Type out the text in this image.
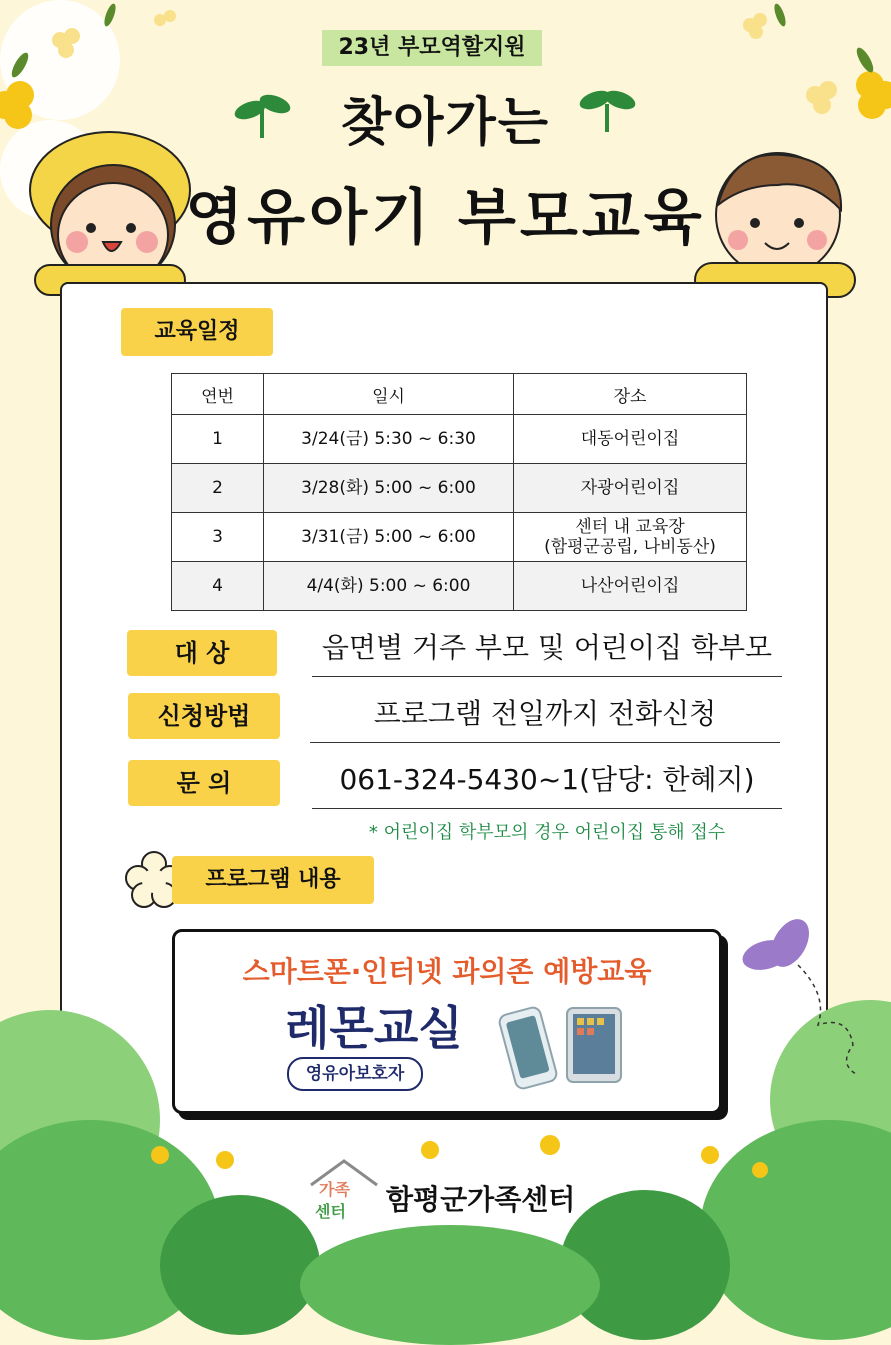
23년 부모역할지원
찾아가는
영유아기 부모교육
교육일정
연번	일시	장소
1	3/24(금) 5:30 ~ 6:30	대동어린이집
2	3/28(화) 5:00 ~ 6:00	자광어린이집
3	3/31(금) 5:00 ~ 6:00	센터 내 교육장
(함평군공립, 나비동산)

4	4/4(화) 5:00 ~ 6:00	나산어린이집
대 상	읍면별 거주 부모 및 어린이집 학부모
신청방법	프로그램 전일까지 전화신청
문 의	061-324-5430~1(담당: 한혜지)
* 어린이집 학부모의 경우 어린이집 통해 접수
프로그램 내용
스마트폰·인터넷 과의존 예방교육
레몬교실
영유아보호자
가족
센터 함평군가족센터
